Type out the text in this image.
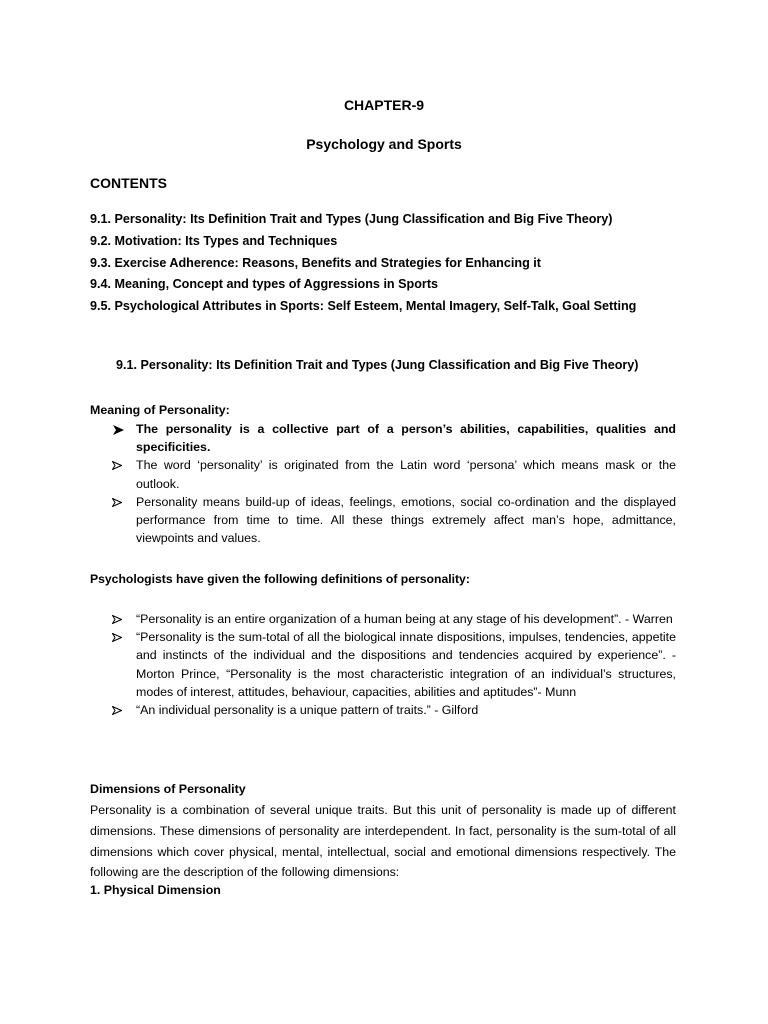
CHAPTER-9
Psychology and Sports
CONTENTS
9.1. Personality: Its Definition Trait and Types (Jung Classification and Big Five Theory)
9.2. Motivation: Its Types and Techniques
9.3. Exercise Adherence: Reasons, Benefits and Strategies for Enhancing it
9.4. Meaning, Concept and types of Aggressions in Sports
9.5. Psychological Attributes in Sports: Self Esteem, Mental Imagery, Self-Talk, Goal Setting
9.1. Personality: Its Definition Trait and Types (Jung Classification and Big Five Theory)
Meaning of Personality:
The personality is a collective part of a person’s abilities, capabilities, qualities and specificities.
The word ‘personality’ is originated from the Latin word ‘persona’ which means mask or the outlook.
Personality means build-up of ideas, feelings, emotions, social co-ordination and the displayed performance from time to time. All these things extremely affect man’s hope, admittance, viewpoints and values.
Psychologists have given the following definitions of personality:
“Personality is an entire organization of a human being at any stage of his development”. - Warren
“Personality is the sum-total of all the biological innate dispositions, impulses, tendencies, appetite and instincts of the individual and the dispositions and tendencies acquired by experience”. - Morton Prince, “Personality is the most characteristic integration of an individual’s structures, modes of interest, attitudes, behaviour, capacities, abilities and aptitudes”- Munn
“An individual personality is a unique pattern of traits.” - Gilford
Dimensions of Personality
Personality is a combination of several unique traits. But this unit of personality is made up of different dimensions. These dimensions of personality are interdependent. In fact, personality is the sum-total of all dimensions which cover physical, mental, intellectual, social and emotional dimensions respectively. The following are the description of the following dimensions:
1. Physical Dimension
